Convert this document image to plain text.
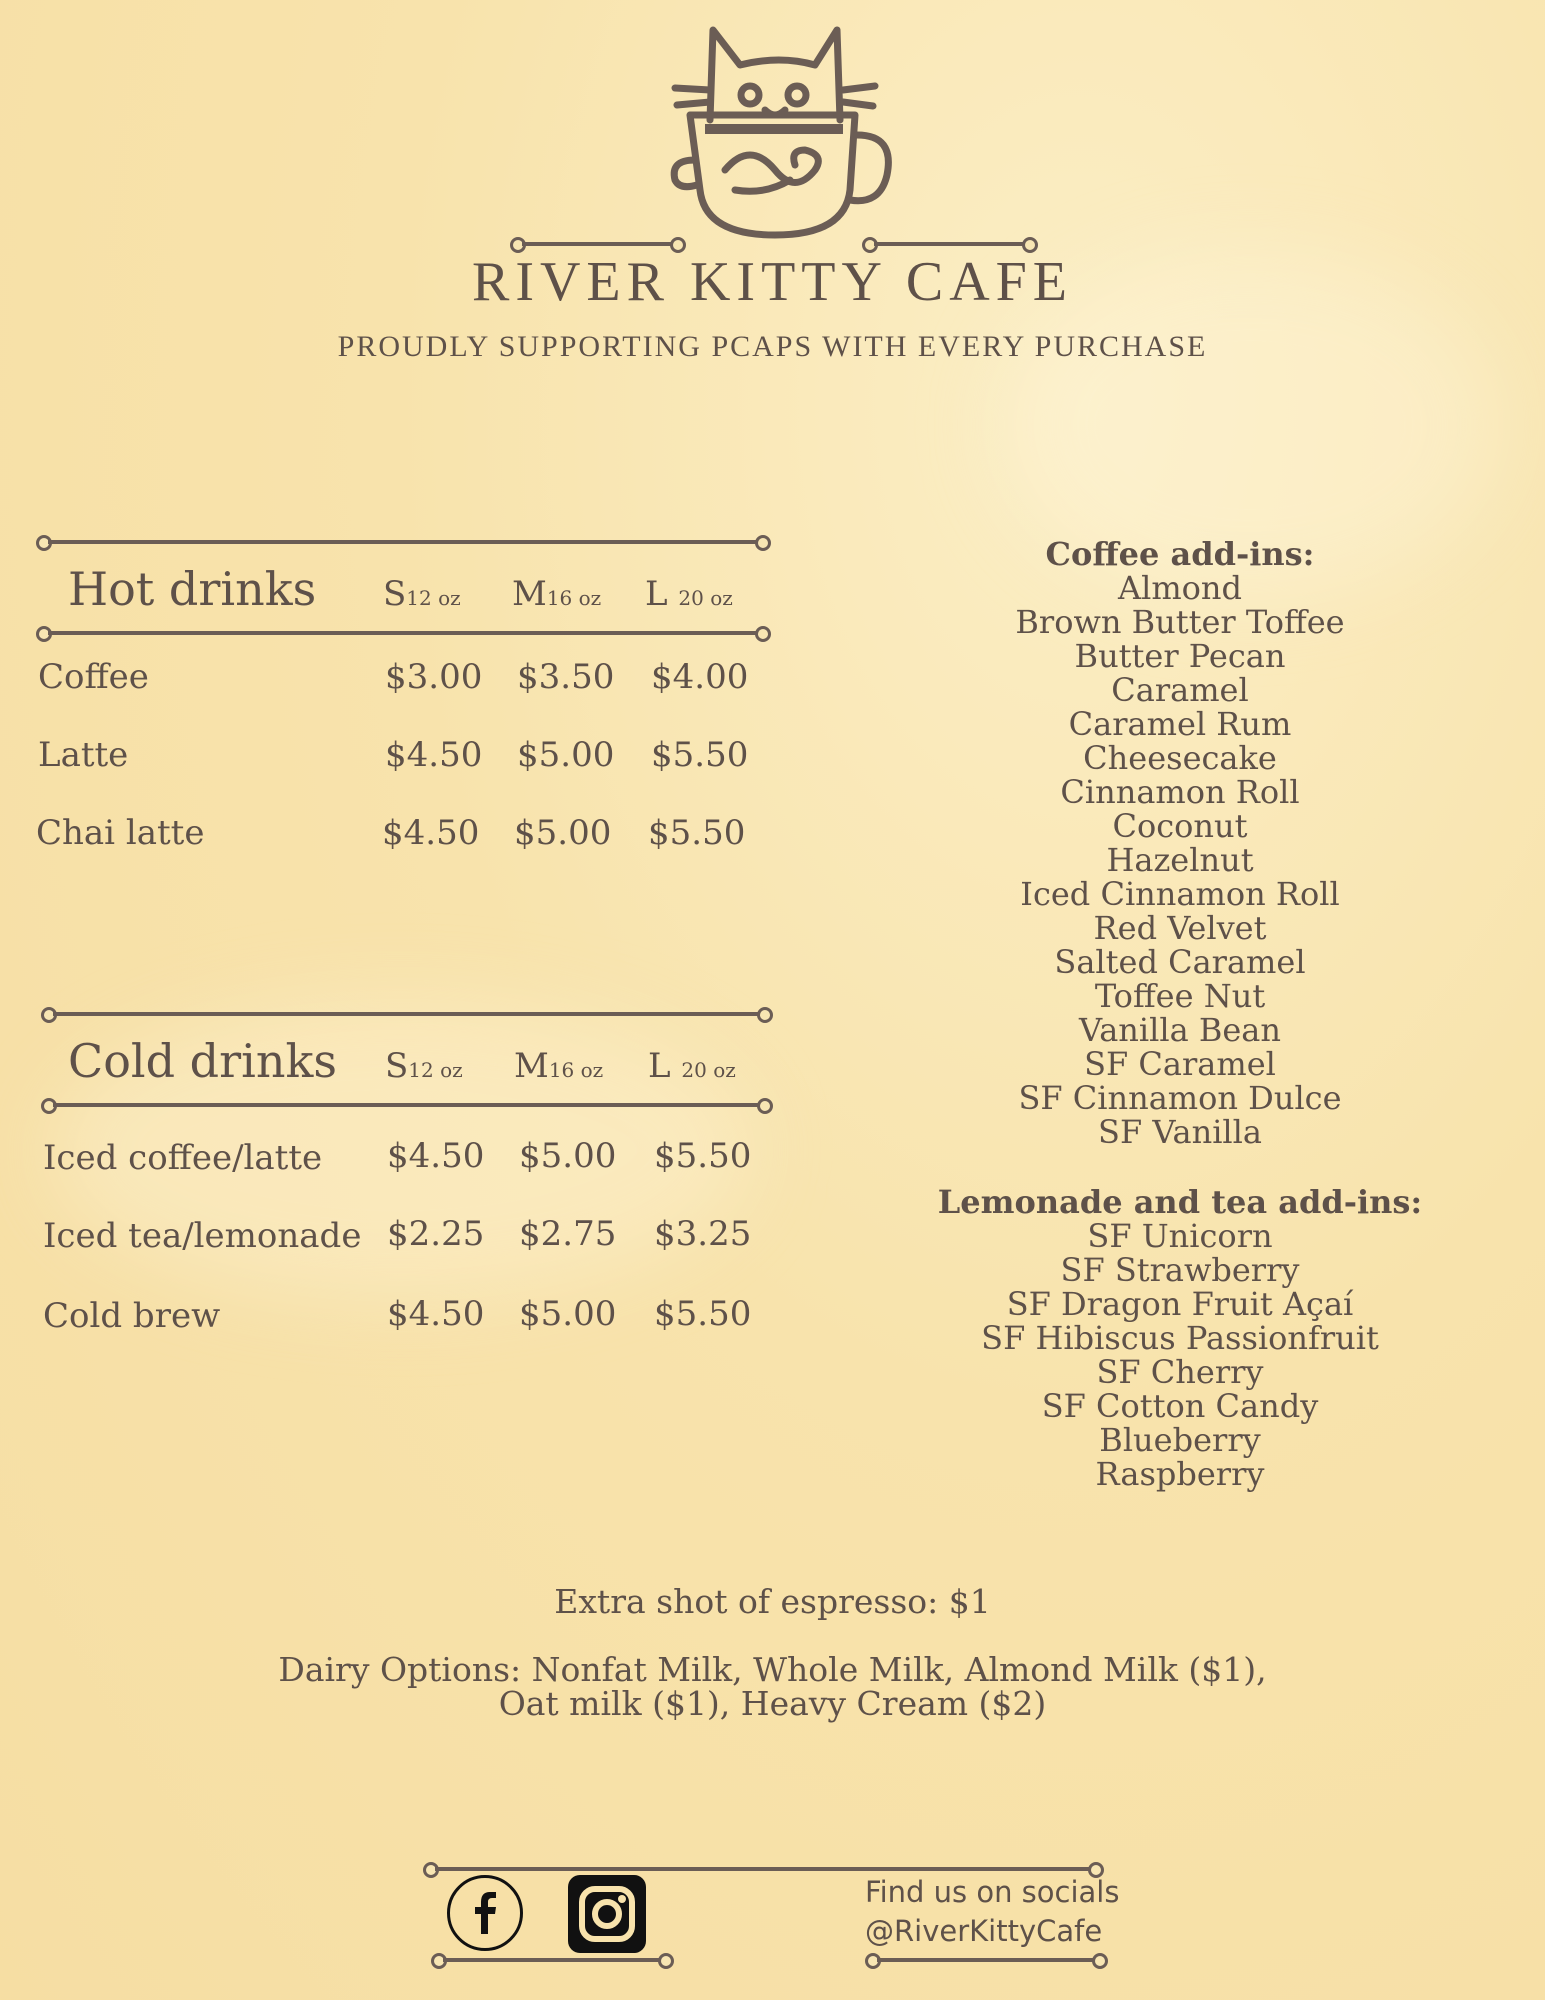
RIVER KITTY CAFE
PROUDLY SUPPORTING PCAPS WITH EVERY PURCHASE
Hot drinks S12 oz M16 oz L 20 oz
Coffee	$3.00 $3.50 $4.00
Latte	$4.50 $5.00 $5.50
Chai latte	$4.50 $5.00 $5.50
Cold drinks S12 oz M16 oz L 20 oz
Iced coffee/latte $4.50 $5.00 $5.50
Iced tea/lemonade $2.25 $2.75 $3.25
Cold brew	$4.50 $5.00 $5.50
Coffee add-ins:
Almond
Brown Butter Toffee
Butter Pecan
Caramel
Caramel Rum
Cheesecake
Cinnamon Roll
Coconut
Hazelnut
Iced Cinnamon Roll
Red Velvet
Salted Caramel
Toffee Nut
Vanilla Bean
SF Caramel
SF Cinnamon Dulce
SF Vanilla
Lemonade and tea add-ins:
SF Unicorn
SF Strawberry
SF Dragon Fruit Açaí
SF Hibiscus Passionfruit
SF Cherry
SF Cotton Candy
Blueberry
Raspberry
Extra shot of espresso: $1
Dairy Options: Nonfat Milk, Whole Milk, Almond Milk ($1),
Oat milk ($1), Heavy Cream ($2)
Find us on socials
@RiverKittyCafe
